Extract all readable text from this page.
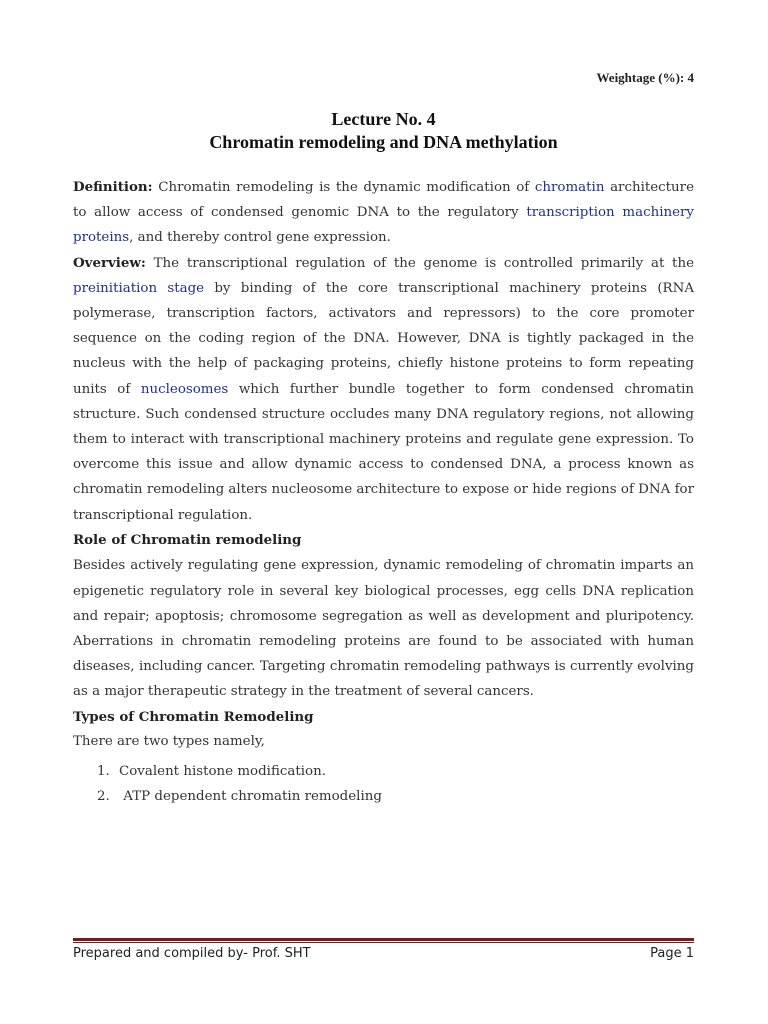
Weightage (%): 4
Lecture No. 4
Chromatin remodeling and DNA methylation

Definition: Chromatin remodeling is the dynamic modification of chromatin architecture to allow access of condensed genomic DNA to the regulatory transcription machinery proteins, and thereby control gene expression.

Overview: The transcriptional regulation of the genome is controlled primarily at the preinitiation stage by binding of the core transcriptional machinery proteins (RNA polymerase, transcription factors, activators and repressors) to the core promoter sequence on the coding region of the DNA. However, DNA is tightly packaged in the nucleus with the help of packaging proteins, chiefly histone proteins to form repeating units of nucleosomes which further bundle together to form condensed chromatin structure. Such condensed structure occludes many DNA regulatory regions, not allowing them to interact with transcriptional machinery proteins and regulate gene expression. To overcome this issue and allow dynamic access to condensed DNA, a process known as chromatin remodeling alters nucleosome architecture to expose or hide regions of DNA for transcriptional regulation.

Role of Chromatin remodeling

Besides actively regulating gene expression, dynamic remodeling of chromatin imparts an epigenetic regulatory role in several key biological processes, egg cells DNA replication and repair; apoptosis; chromosome segregation as well as development and pluripotency. Aberrations in chromatin remodeling proteins are found to be associated with human diseases, including cancer. Targeting chromatin remodeling pathways is currently evolving as a major therapeutic strategy in the treatment of several cancers.

Types of Chromatin Remodeling

There are two types namely,

1. Covalent histone modification.
2. ATP dependent chromatin remodeling
Prepared and compiled by- Prof. SHT	Page 1
